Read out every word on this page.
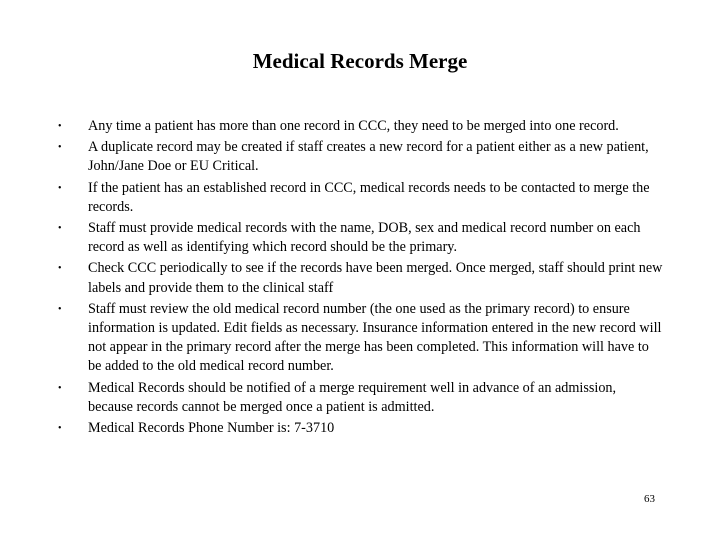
Medical Records Merge
•	Any time a patient has more than one record in CCC, they need to be merged into one record.
•	A duplicate record may be created if staff creates a new record for a patient either as a new patient, John/Jane Doe or EU Critical.
•	If the patient has an established record in CCC, medical records needs to be contacted to merge the records.
•	Staff must provide medical records with the name, DOB, sex and medical record number on each record as well as identifying which record should be the primary.
•	Check CCC periodically to see if the records have been merged. Once merged, staff should print new labels and provide them to the clinical staff
•	Staff must review the old medical record number (the one used as the primary record) to ensure information is updated. Edit fields as necessary. Insurance information entered in the new record will not appear in the primary record after the merge has been completed. This information will have to be added to the old medical record number.
•	Medical Records should be notified of a merge requirement well in advance of an admission, because records cannot be merged once a patient is admitted.
•	Medical Records Phone Number is: 7-3710
63
